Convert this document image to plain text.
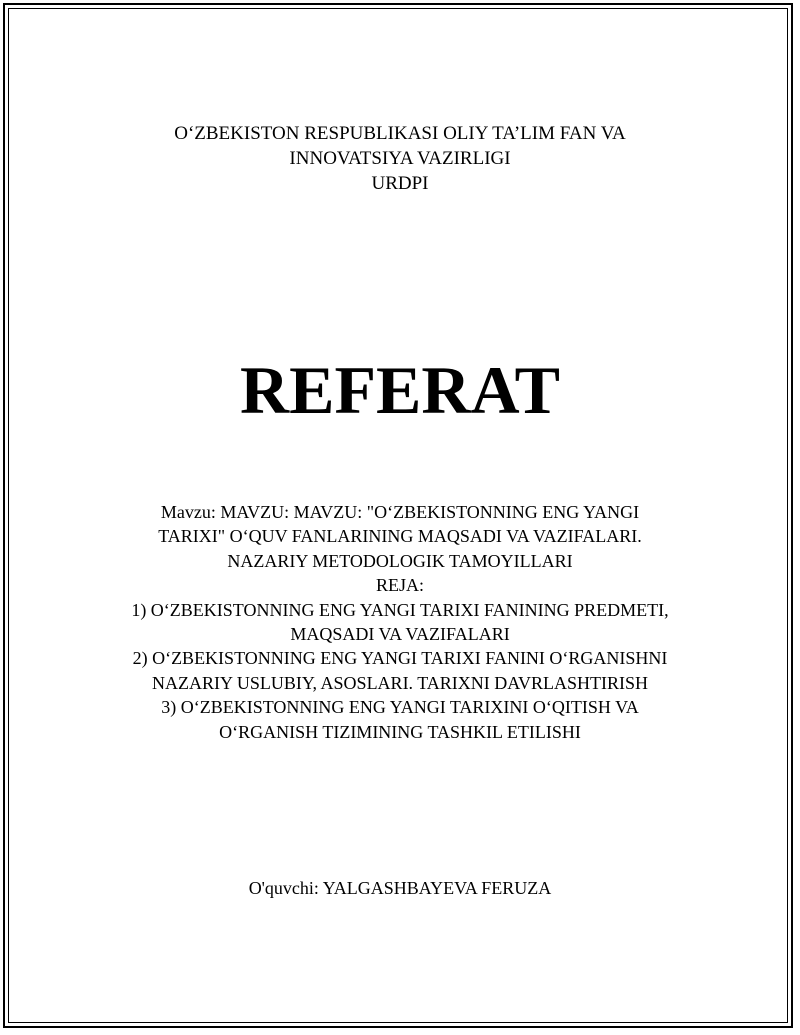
O‘ZBEKISTON RESPUBLIKASI OLIY TA’LIM FAN VA
INNOVATSIYA VAZIRLIGI
URDPI
REFERAT
Mavzu: MAVZU: MAVZU: "O‘ZBEKISTONNING ENG YANGI
TARIXI" O‘QUV FANLARINING MAQSADI VA VAZIFALARI.
NAZARIY METODOLOGIK TAMOYILLARI
REJA:
1) O‘ZBEKISTONNING ENG YANGI TARIXI FANINING PREDMETI,
MAQSADI VA VAZIFALARI
2) O‘ZBEKISTONNING ENG YANGI TARIXI FANINI O‘RGANISHNI
NAZARIY USLUBIY, ASOSLARI. TARIXNI DAVRLASHTIRISH
3) O‘ZBEKISTONNING ENG YANGI TARIXINI O‘QITISH VA
O‘RGANISH TIZIMINING TASHKIL ETILISHI
O'quvchi: YALGASHBAYEVA FERUZA
